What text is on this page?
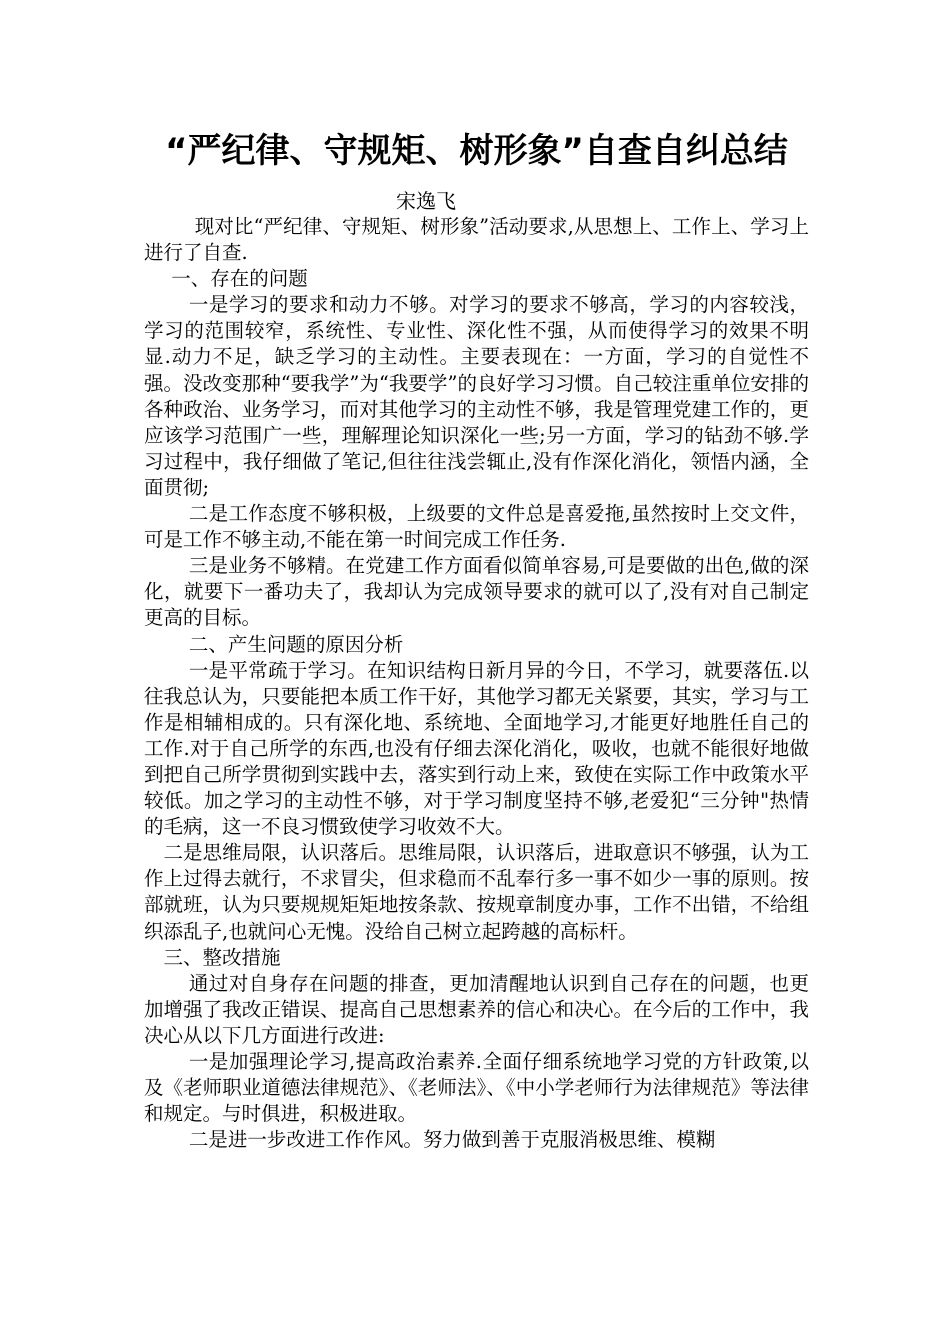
“严纪律、守规矩、树形象”自查自纠总结
宋逸飞

现对比“严纪律、守规矩、树形象”活动要求,从思想上、工作上、学习上进行了自查.

一、存在的问题

一是学习的要求和动力不够。对学习的要求不够高，学习的内容较浅，学习的范围较窄，系统性、专业性、深化性不强，从而使得学习的效果不明显.动力不足，缺乏学习的主动性。主要表现在：一方面，学习的自觉性不强。没改变那种“要我学”为“我要学”的良好学习习惯。自己较注重单位安排的各种政治、业务学习，而对其他学习的主动性不够，我是管理党建工作的，更应该学习范围广一些，理解理论知识深化一些;另一方面，学习的钻劲不够.学习过程中，我仔细做了笔记,但往往浅尝辄止,没有作深化消化，领悟内涵，全面贯彻;

二是工作态度不够积极，上级要的文件总是喜爱拖,虽然按时上交文件，可是工作不够主动,不能在第一时间完成工作任务.

三是业务不够精。在党建工作方面看似简单容易,可是要做的出色,做的深化，就要下一番功夫了，我却认为完成领导要求的就可以了,没有对自己制定更高的目标。

二、产生问题的原因分析

一是平常疏于学习。在知识结构日新月异的今日，不学习，就要落伍.以往我总认为，只要能把本质工作干好，其他学习都无关紧要，其实，学习与工作是相辅相成的。只有深化地、系统地、全面地学习,才能更好地胜任自己的工作.对于自己所学的东西,也没有仔细去深化消化，吸收，也就不能很好地做到把自己所学贯彻到实践中去，落实到行动上来，致使在实际工作中政策水平较低。加之学习的主动性不够，对于学习制度坚持不够,老爱犯“三分钟"热情的毛病，这一不良习惯致使学习收效不大。

二是思维局限，认识落后。思维局限，认识落后，进取意识不够强，认为工作上过得去就行，不求冒尖，但求稳而不乱奉行多一事不如少一事的原则。按部就班，认为只要规规矩矩地按条款、按规章制度办事，工作不出错，不给组织添乱子,也就问心无愧。没给自己树立起跨越的高标杆。

三、整改措施

通过对自身存在问题的排查，更加清醒地认识到自己存在的问题，也更加增强了我改正错误、提高自己思想素养的信心和决心。在今后的工作中，我决心从以下几方面进行改进:

一是加强理论学习,提高政治素养.全面仔细系统地学习党的方针政策,以及《老师职业道德法律规范》、《老师法》、《中小学老师行为法律规范》等法律和规定。与时俱进，积极进取。

二是进一步改进工作作风。努力做到善于克服消极思维、模糊
